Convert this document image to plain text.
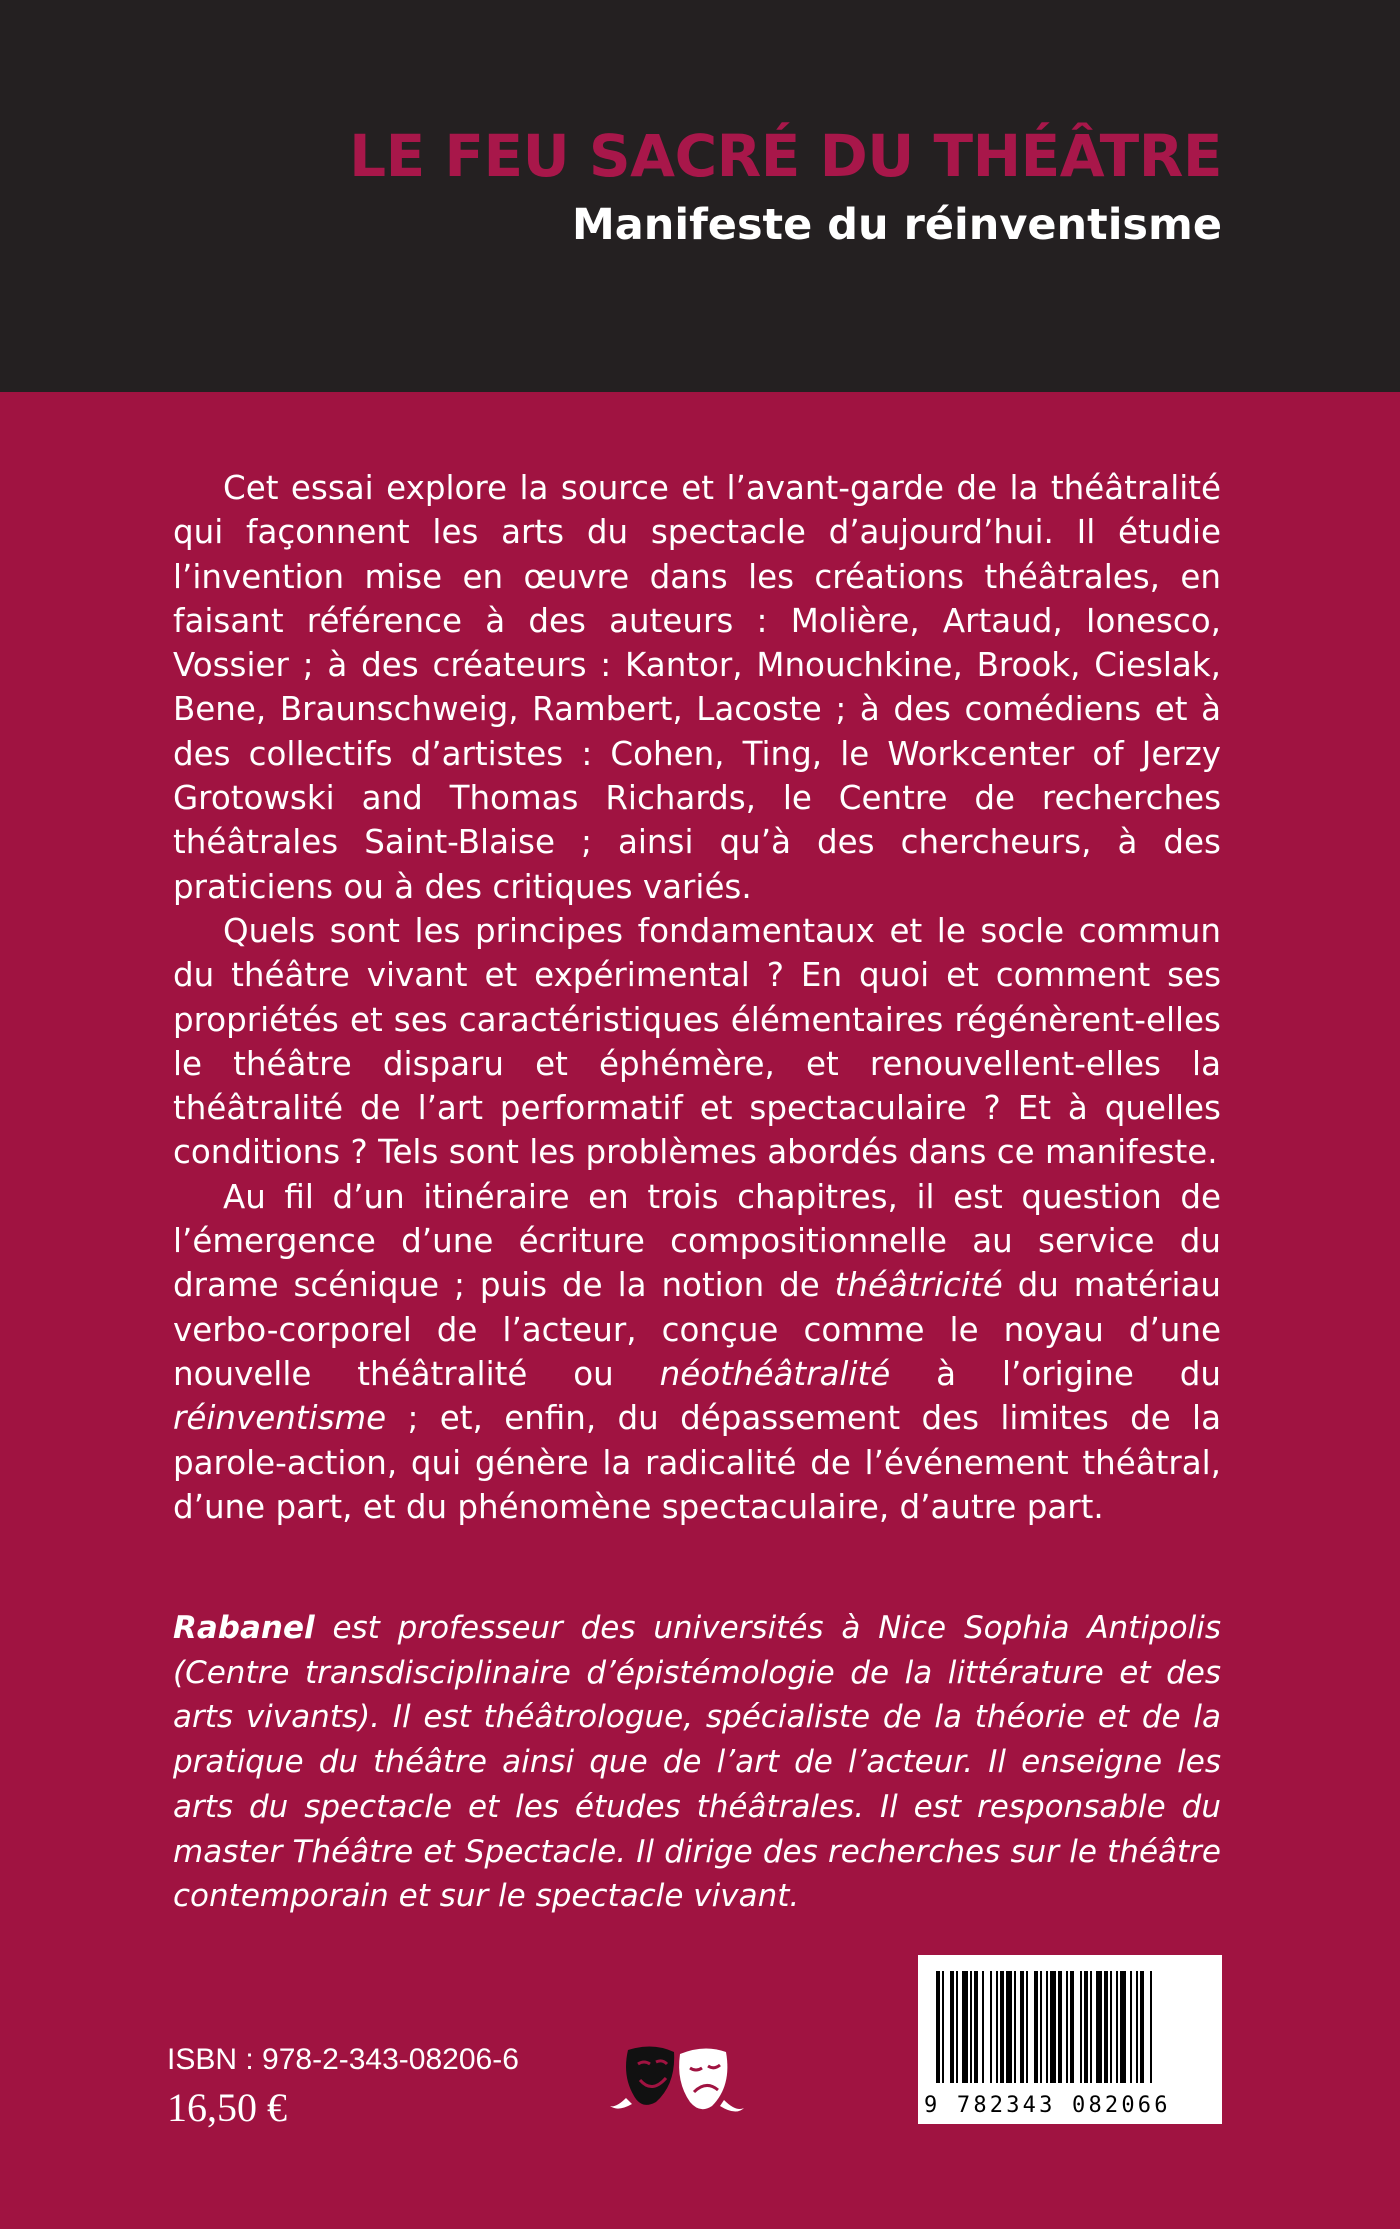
LE FEU SACRÉ DU THÉÂTRE
Manifeste du réinventisme

Cet essai explore la source et l’avant-garde de la théâtralité qui façonnent les arts du spectacle d’aujourd’hui. Il étudie l’invention mise en œuvre dans les créations théâtrales, en faisant référence à des auteurs : Molière, Artaud, Ionesco, Vossier ; à des créateurs : Kantor, Mnouchkine, Brook, Cieslak, Bene, Braunschweig, Rambert, Lacoste ; à des comédiens et à des collectifs d’artistes : Cohen, Ting, le Workcenter of Jerzy Grotowski and Thomas Richards, le Centre de recherches théâtrales Saint-Blaise ; ainsi qu’à des chercheurs, à des praticiens ou à des critiques variés.

Quels sont les principes fondamentaux et le socle commun du théâtre vivant et expérimental ? En quoi et comment ses propriétés et ses caractéristiques élémentaires régénèrent-elles le théâtre disparu et éphémère, et renouvellent-elles la théâtralité de l’art performatif et spectaculaire ? Et à quelles conditions ? Tels sont les problèmes abordés dans ce manifeste.

Au fil d’un itinéraire en trois chapitres, il est question de l’émergence d’une écriture compositionnelle au service du drame scénique ; puis de la notion de théâtricité du matériau verbo-corporel de l’acteur, conçue comme le noyau d’une nouvelle théâtralité ou néothéâtralité à l’origine du réinventisme ; et, enfin, du dépassement des limites de la parole-action, qui génère la radicalité de l’événement théâtral, d’une part, et du phénomène spectaculaire, d’autre part.

Rabanel est professeur des universités à Nice Sophia Antipolis (Centre transdisciplinaire d’épistémologie de la littérature et des arts vivants). Il est théâtrologue, spécialiste de la théorie et de la pratique du théâtre ainsi que de l’art de l’acteur. Il enseigne les arts du spectacle et les études théâtrales. Il est responsable du master Théâtre et Spectacle. Il dirige des recherches sur le théâtre contemporain et sur le spectacle vivant.

ISBN : 978-2-343-08206-6
16,50 €	9 782343 082066
